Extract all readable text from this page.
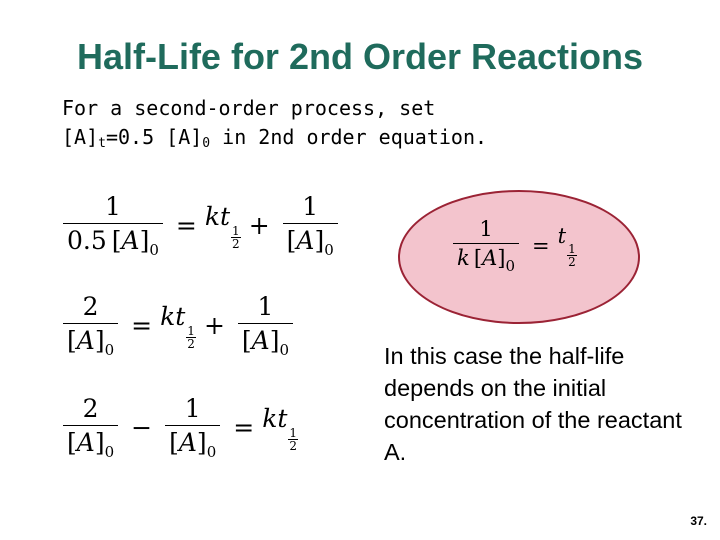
Half-Life for 2nd Order Reactions
For a second-order process, set
$[A]_t=0.5$ $[A]_0$ in 2nd order equation.
$\frac{1}{0.5 [A]_0}$ = kt
$\frac{1}{2} + \frac{1}{[A]_0}$
$\frac{2}{[A]_0}$ = kt
$\frac{1}{2} + \frac{1}{[A]_0}$
$\frac{2}{[A]_0} - \frac{1}{[A]_0}$ = kt
$\frac{1}{2}$
$\frac{1}{k [A]_0} = t$
$\frac{1}{2}$
In this case the half-life depends on the initial concentration of the reactant A.
37.
